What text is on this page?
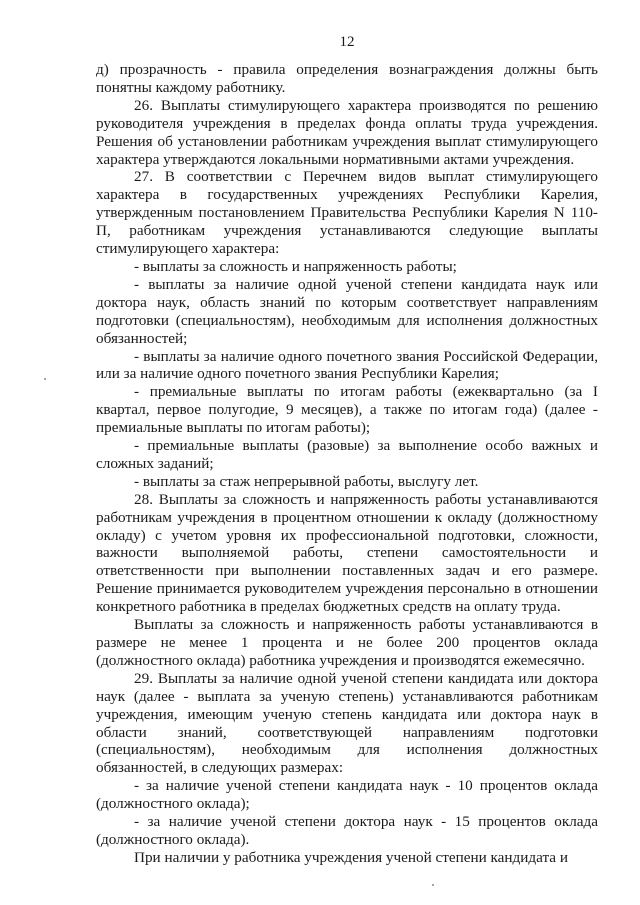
12

д) прозрачность - правила определения вознаграждения должны быть понятны каждому работнику.

26. Выплаты стимулирующего характера производятся по решению руководителя учреждения в пределах фонда оплаты труда учреждения. Решения об установлении работникам учреждения выплат стимулирующего характера утверждаются локальными нормативными актами учреждения.

27. В соответствии с Перечнем видов выплат стимулирующего характера в государственных учреждениях Республики Карелия, утвержденным постановлением Правительства Республики Карелия N 110-П, работникам учреждения устанавливаются следующие выплаты стимулирующего характера:

- выплаты за сложность и напряженность работы;

- выплаты за наличие одной ученой степени кандидата наук или доктора наук, область знаний по которым соответствует направлениям подготовки (специальностям), необходимым для исполнения должностных обязанностей;

- выплаты за наличие одного почетного звания Российской Федерации, или за наличие одного почетного звания Республики Карелия;

- премиальные выплаты по итогам работы (ежеквартально (за I квартал, первое полугодие, 9 месяцев), а также по итогам года) (далее - премиальные выплаты по итогам работы);

- премиальные выплаты (разовые) за выполнение особо важных и сложных заданий;

- выплаты за стаж непрерывной работы, выслугу лет.

28. Выплаты за сложность и напряженность работы устанавливаются работникам учреждения в процентном отношении к окладу (должностному окладу) с учетом уровня их профессиональной подготовки, сложности, важности выполняемой работы, степени самостоятельности и ответственности при выполнении поставленных задач и его размере. Решение принимается руководителем учреждения персонально в отношении конкретного работника в пределах бюджетных средств на оплату труда.

Выплаты за сложность и напряженность работы устанавливаются в размере не менее 1 процента и не более 200 процентов оклада (должностного оклада) работника учреждения и производятся ежемесячно.

29. Выплаты за наличие одной ученой степени кандидата или доктора наук (далее - выплата за ученую степень) устанавливаются работникам учреждения, имеющим ученую степень кандидата или доктора наук в области знаний, соответствующей направлениям подготовки (специальностям), необходимым для исполнения должностных обязанностей, в следующих размерах:

- за наличие ученой степени кандидата наук - 10 процентов оклада (должностного оклада);

- за наличие ученой степени доктора наук - 15 процентов оклада (должностного оклада).

При наличии у работника учреждения ученой степени кандидата и
